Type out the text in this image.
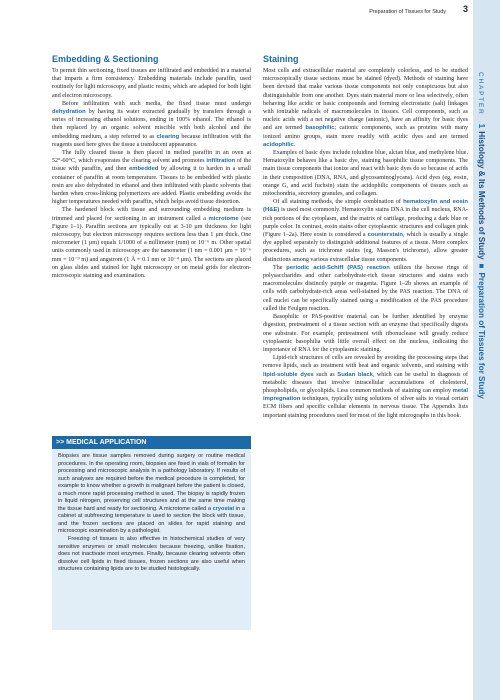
Preparation of Tissues for Study 3
Embedding & Sectioning

To permit thin sectioning, fixed tissues are infiltrated and embedded in a material that imparts a firm consistency. Embedding materials include paraffin, used routinely for light microscopy, and plastic resins, which are adapted for both light and electron microscopy.

Before infiltration with such media, the fixed tissue must undergo dehydration by having its water extracted gradually by transfers through a series of increasing ethanol solutions, ending in 100% ethanol. The ethanol is then replaced by an organic solvent miscible with both alcohol and the embedding medium, a step referred to as clearing because infiltration with the reagents used here gives the tissue a translucent appearance.

The fully cleared tissue is then placed in melted paraffin in an oven at 52°-60°C, which evaporates the clearing solvent and promotes infiltration of the tissue with paraffin, and then embedded by allowing it to harden in a small container of paraffin at room temperature. Tissues to be embedded with plastic resin are also dehydrated in ethanol and then infiltrated with plastic solvents that harden when cross-linking polymerizers are added. Plastic embedding avoids the higher temperatures needed with paraffin, which helps avoid tissue distortion.

The hardened block with tissue and surrounding embedding medium is trimmed and placed for sectioning in an instrument called a microtome (see Figure 1–1). Paraffin sections are typically cut at 3-10 µm thickness for light microscopy, but electron microscopy requires sections less than 1 µm thick. One micrometer (1 µm) equals 1/1000 of a millimeter (mm) or 10⁻⁶ m. Other spatial units commonly used in microscopy are the nanometer (1 nm = 0.001 µm = 10⁻⁶ mm = 10⁻⁹ m) and angstrom (1 Å = 0.1 nm or 10⁻⁴ µm). The sections are placed on glass slides and stained for light microscopy or on metal grids for electron-microscopic staining and examination.

>> MEDICAL APPLICATION

Biopsies are tissue samples removed during surgery or routine medical procedures. In the operating room, biopsies are fixed in vials of formalin for processing and microscopic analysis in a pathology laboratory. If results of such analyses are required before the medical procedure is completed, for example to know whether a growth is malignant before the patient is closed, a much more rapid processing method is used. The biopsy is rapidly frozen in liquid nitrogen, preserving cell structures and at the same time making the tissue hard and ready for sectioning. A microtome called a cryostat in a cabinet at subfreezing temperature is used to section the block with tissue, and the frozen sections are placed on slides for rapid staining and microscopic examination by a pathologist.

Freezing of tissues is also effective in histochemical studies of very sensitive enzymes or small molecules because freezing, unlike fixation, does not inactivate most enzymes. Finally, because clearing solvents often dissolve cell lipids in fixed tissues, frozen sections are also useful when structures containing lipids are to be studied histologically.

Staining

Most cells and extracellular material are completely colorless, and to be studied microscopically tissue sections must be stained (dyed). Methods of staining have been devised that make various tissue components not only conspicuous but also distinguishable from one another. Dyes stain material more or less selectively, often behaving like acidic or basic compounds and forming electrostatic (salt) linkages with ionizable radicals of macromolecules in tissues. Cell components, such as nucleic acids with a net negative charge (anionic), have an affinity for basic dyes and are termed basophilic; cationic components, such as proteins with many ionized amino groups, stain more readily with acidic dyes and are termed acidophilic.

Examples of basic dyes include toluidine blue, alcian blue, and methylene blue. Hematoxylin behaves like a basic dye, staining basophilic tissue components. The main tissue components that ionize and react with basic dyes do so because of acids in their composition (DNA, RNA, and glycosaminoglycans). Acid dyes (eg, eosin, orange G, and acid fuchsin) stain the acidophilic components of tissues such as mitochondria, secretory granules, and collagen.

Of all staining methods, the simple combination of hematoxylin and eosin (H&E) is used most commonly. Hematoxylin stains DNA in the cell nucleus, RNA-rich portions of the cytoplasm, and the matrix of cartilage, producing a dark blue or purple color. In contrast, eosin stains other cytoplasmic structures and collagen pink (Figure 1–2a). Here eosin is considered a counterstain, which is usually a single dye applied separately to distinguish additional features of a tissue. More complex procedures, such as trichrome stains (eg, Masson's trichrome), allow greater distinctions among various extracellular tissue components.

The periodic acid-Schiff (PAS) reaction utilizes the hexose rings of polysaccharides and other carbohydrate-rich tissue structures and stains such macromolecules distinctly purple or magenta. Figure 1–2b shows an example of cells with carbohydrate-rich areas well-stained by the PAS reaction. The DNA of cell nuclei can be specifically stained using a modification of the PAS procedure called the Feulgen reaction.

Basophilic or PAS-positive material can be further identified by enzyme digestion, pretreatment of a tissue section with an enzyme that specifically digests one substrate. For example, pretreatment with ribonuclease will greatly reduce cytoplasmic basophilia with little overall effect on the nucleus, indicating the importance of RNA for the cytoplasmic staining.

Lipid-rich structures of cells are revealed by avoiding the processing steps that remove lipids, such as treatment with heat and organic solvents, and staining with lipid-soluble dyes such as Sudan black, which can be useful in diagnosis of metabolic diseases that involve intracellular accumulations of cholesterol, phospholipids, or glycolipids. Less common methods of staining can employ metal impregnation techniques, typically using solutions of silver salts to visual certain ECM fibers and specific cellular elements in nervous tissue. The Appendix lists important staining procedures used for most of the light micrographs in this book.

CHAPTER1Histology & Its Methods of Study■Preparation of Tissues for Study
